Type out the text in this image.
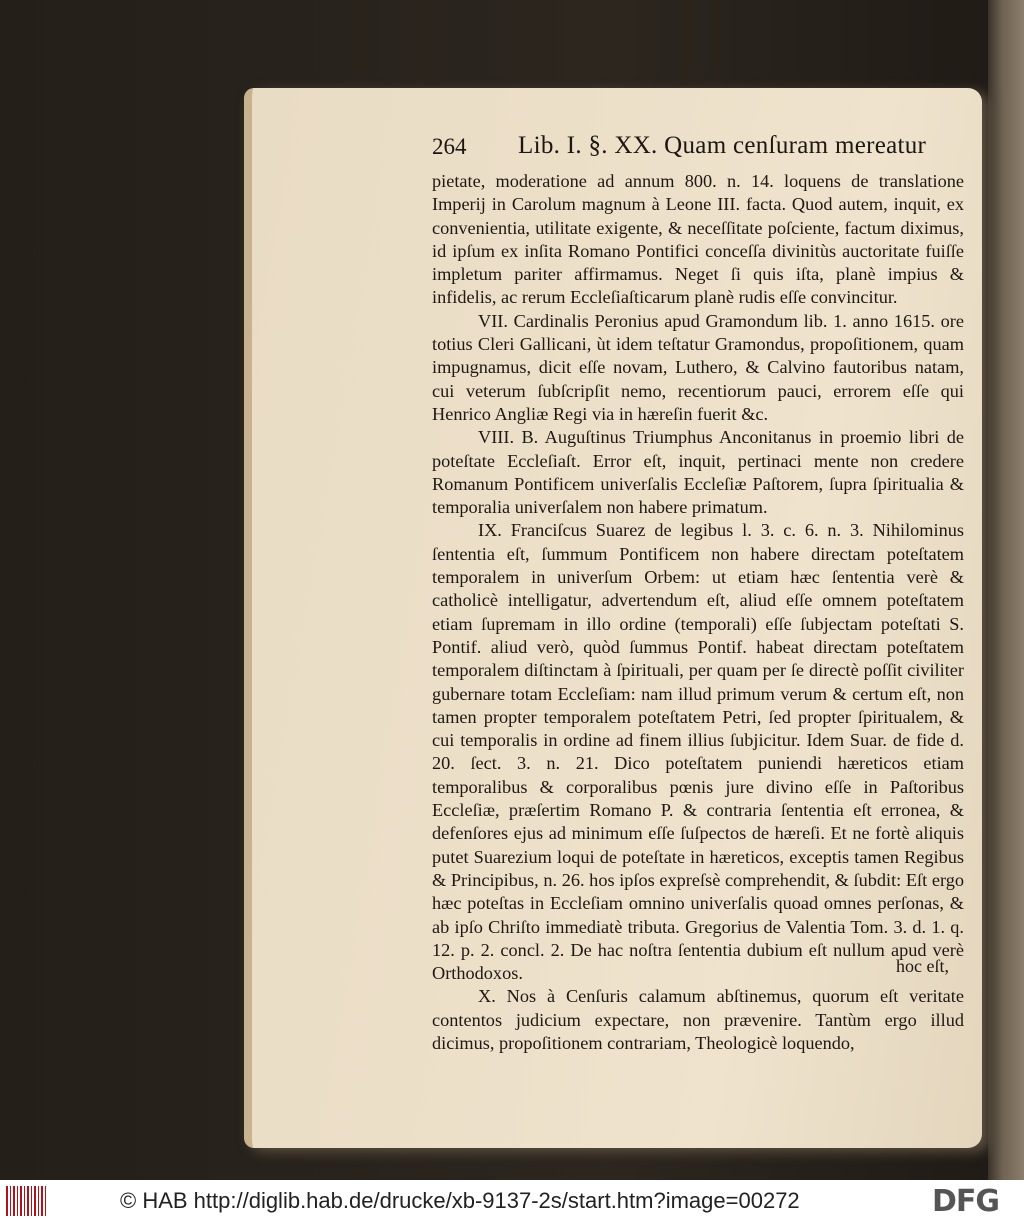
264 Lib. I. §. XX. Quam cenſuram mereatur

pietate, moderatione ad annum 800. n. 14. loquens de translatione Imperij in Carolum magnum à Leone III. facta. Quod autem, inquit, ex convenientia, utilitate exigente, & neceſſitate poſciente, factum diximus, id ipſum ex inſita Romano Pontifici conceſſa divinitùs auctoritate fuiſſe impletum pariter affirmamus. Neget ſi quis iſta, planè impius & infidelis, ac rerum Eccleſiaſticarum planè rudis eſſe convincitur.

VII. Cardinalis Peronius apud Gramondum lib. 1. anno 1615. ore totius Cleri Gallicani, ùt idem teſtatur Gramondus, propoſitionem, quam impugnamus, dicit eſſe novam, Luthero, & Calvino fautoribus natam, cui veterum ſubſcripſit nemo, recentiorum pauci, errorem eſſe qui Henrico Angliæ Regi via in hæreſin fuerit &c.

VIII. B. Auguſtinus Triumphus Anconitanus in proemio libri de poteſtate Eccleſiaſt. Error eſt, inquit, pertinaci mente non credere Romanum Pontificem univerſalis Eccleſiæ Paſtorem, ſupra ſpiritualia & temporalia univerſalem non habere primatum.

IX. Franciſcus Suarez de legibus l. 3. c. 6. n. 3. Nihilominus ſententia eſt, ſummum Pontificem non habere directam poteſtatem temporalem in univerſum Orbem: ut etiam hæc ſententia verè & catholicè intelligatur, advertendum eſt, aliud eſſe omnem poteſtatem etiam ſupremam in illo ordine (temporali) eſſe ſubjectam poteſtati S. Pontif. aliud verò, quòd ſummus Pontif. habeat directam poteſtatem temporalem diſtinctam à ſpirituali, per quam per ſe directè poſſit civiliter gubernare totam Eccleſiam: nam illud primum verum & certum eſt, non tamen propter temporalem poteſtatem Petri, ſed propter ſpiritualem, & cui temporalis in ordine ad finem illius ſubjicitur. Idem Suar. de fide d. 20. ſect. 3. n. 21. Dico poteſtatem puniendi hæreticos etiam temporalibus & corporalibus pœnis jure divino eſſe in Paſtoribus Eccleſiæ, præſertim Romano P. & contraria ſententia eſt erronea, & defenſores ejus ad minimum eſſe ſuſpectos de hæreſi. Et ne fortè aliquis putet Suarezium loqui de poteſtate in hæreticos, exceptis tamen Regibus & Principibus, n. 26. hos ipſos expreſsè comprehendit, & ſubdit: Eſt ergo hæc poteſtas in Eccleſiam omnino univerſalis quoad omnes perſonas, & ab ipſo Chriſto immediatè tributa. Gregorius de Valentia Tom. 3. d. 1. q. 12. p. 2. concl. 2. De hac noſtra ſententia dubium eſt nullum apud verè Orthodoxos.

X. Nos à Cenſuris calamum abſtinemus, quorum eſt veritate contentos judicium expectare, non prævenire. Tantùm ergo illud dicimus, propoſitionem contrariam, Theologicè loquendo,

hoc eſt,
© HAB http://diglib.hab.de/drucke/xb-9137-2s/start.htm?image=00272	DFG
